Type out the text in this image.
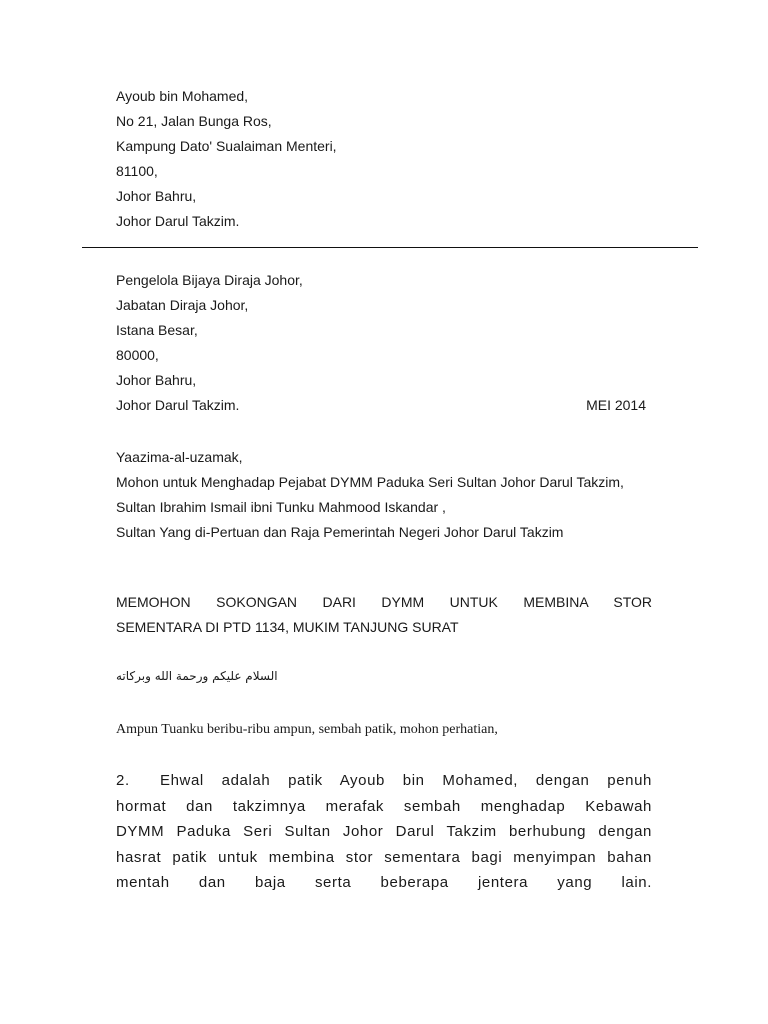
Ayoub bin Mohamed,
No 21, Jalan Bunga Ros,
Kampung Dato' Sualaiman Menteri,
81100,
Johor Bahru,
Johor Darul Takzim.
Pengelola Bijaya Diraja Johor,
Jabatan Diraja Johor,
Istana Besar,
80000,
Johor Bahru,
Johor Darul Takzim.	MEI 2014
Yaazima-al-uzamak,
Mohon untuk Menghadap Pejabat DYMM Paduka Seri Sultan Johor Darul Takzim,
Sultan Ibrahim Ismail ibni Tunku Mahmood Iskandar ,
Sultan Yang di-Pertuan dan Raja Pemerintah Negeri Johor Darul Takzim
MEMOHON SOKONGAN DARI DYMM UNTUK MEMBINA STOR
SEMENTARA DI PTD 1134, MUKIM TANJUNG SURAT
السلام عليكم ورحمة الله وبركاته
Ampun Tuanku beribu-ribu ampun, sembah patik, mohon perhatian,
2. Ehwal adalah patik Ayoub bin Mohamed, dengan penuh
hormat dan takzimnya merafak sembah menghadap Kebawah
DYMM Paduka Seri Sultan Johor Darul Takzim berhubung dengan
hasrat patik untuk membina stor sementara bagi menyimpan bahan
mentah dan baja serta beberapa jentera yang lain.
